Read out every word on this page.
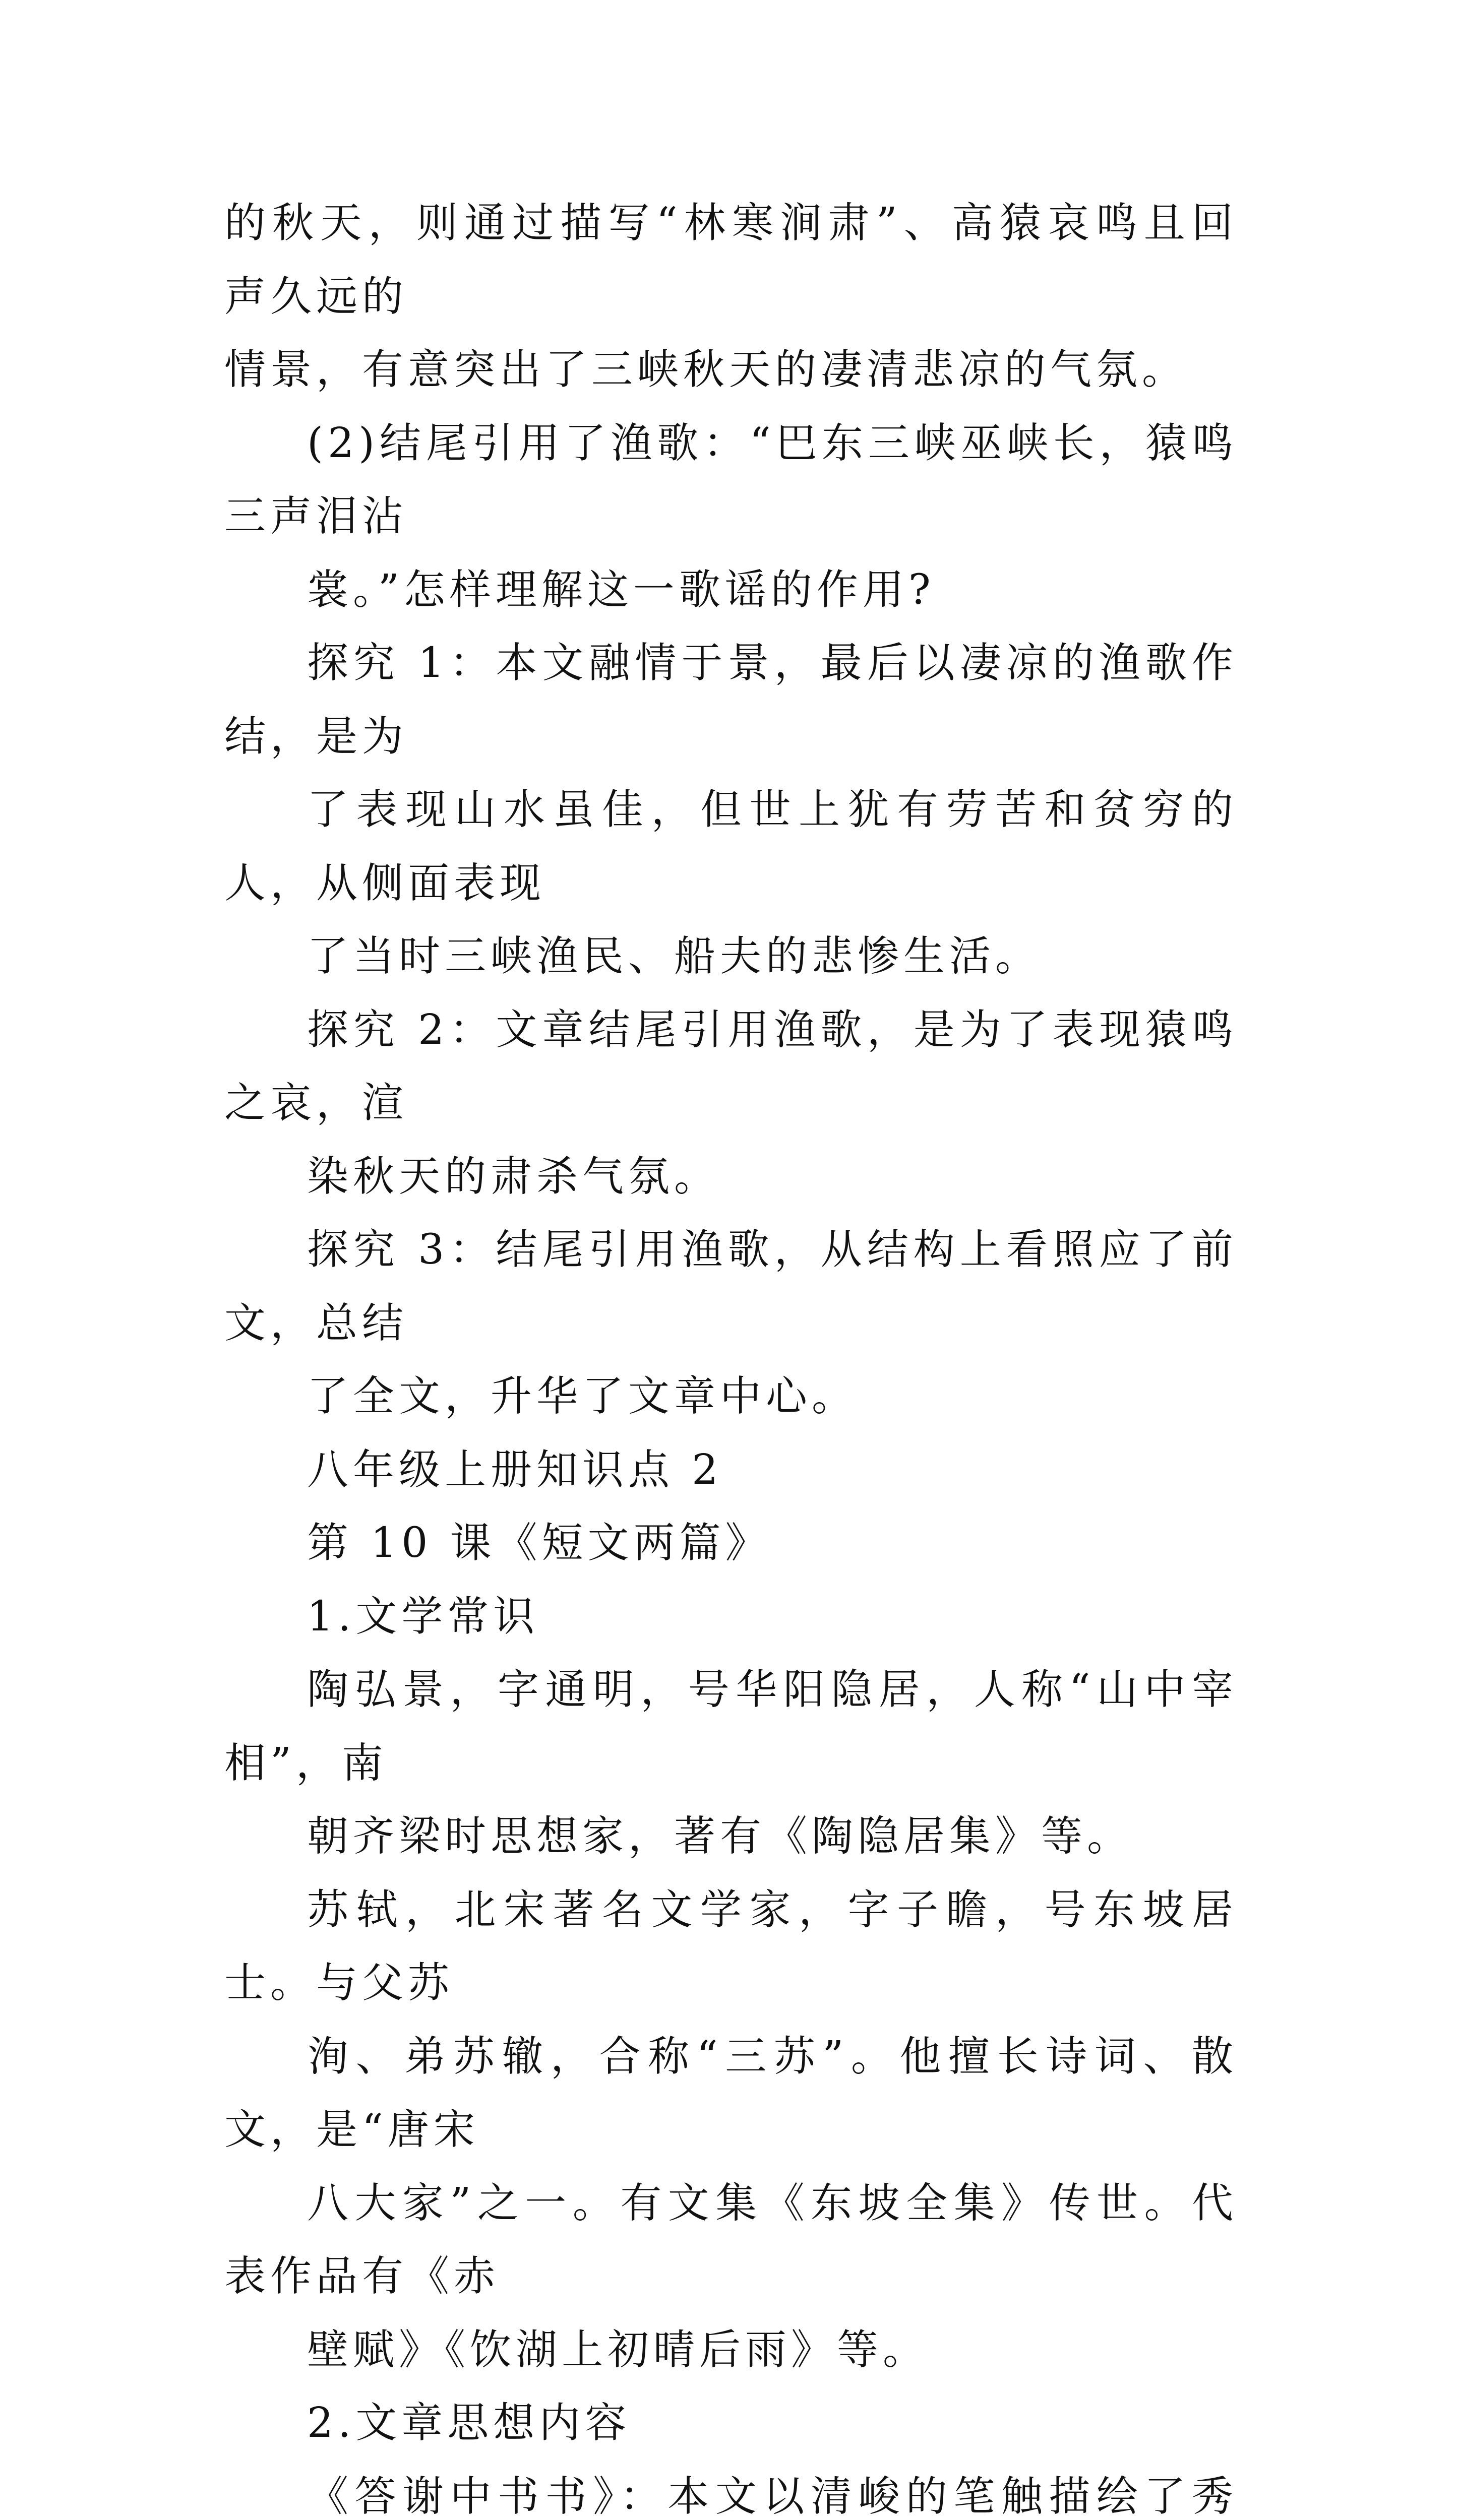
的秋天，则通过描写“林寒涧肃”、高猿哀鸣且回声久远的
情景，有意突出了三峡秋天的凄清悲凉的气氛。

(2)结尾引用了渔歌：“巴东三峡巫峡长，猿鸣三声泪沾
裳。”怎样理解这一歌谣的作用?

探究 1：本文融情于景，最后以凄凉的渔歌作结，是为
了表现山水虽佳，但世上犹有劳苦和贫穷的人，从侧面表现
了当时三峡渔民、船夫的悲惨生活。

探究 2：文章结尾引用渔歌，是为了表现猿鸣之哀，渲
染秋天的肃杀气氛。

探究 3：结尾引用渔歌，从结构上看照应了前文，总结
了全文，升华了文章中心。

八年级上册知识点 2

第 10 课《短文两篇》

1.文学常识

陶弘景，字通明，号华阳隐居，人称“山中宰相”，南
朝齐梁时思想家，著有《陶隐居集》等。

苏轼，北宋著名文学家，字子瞻，号东坡居士。与父苏
洵、弟苏辙，合称“三苏”。他擅长诗词、散文，是“唐宋
八大家”之一。有文集《东坡全集》传世。代表作品有《赤
壁赋》《饮湖上初晴后雨》等。

2.文章思想内容

《答谢中书书》：本文以清峻的笔触描绘了秀
